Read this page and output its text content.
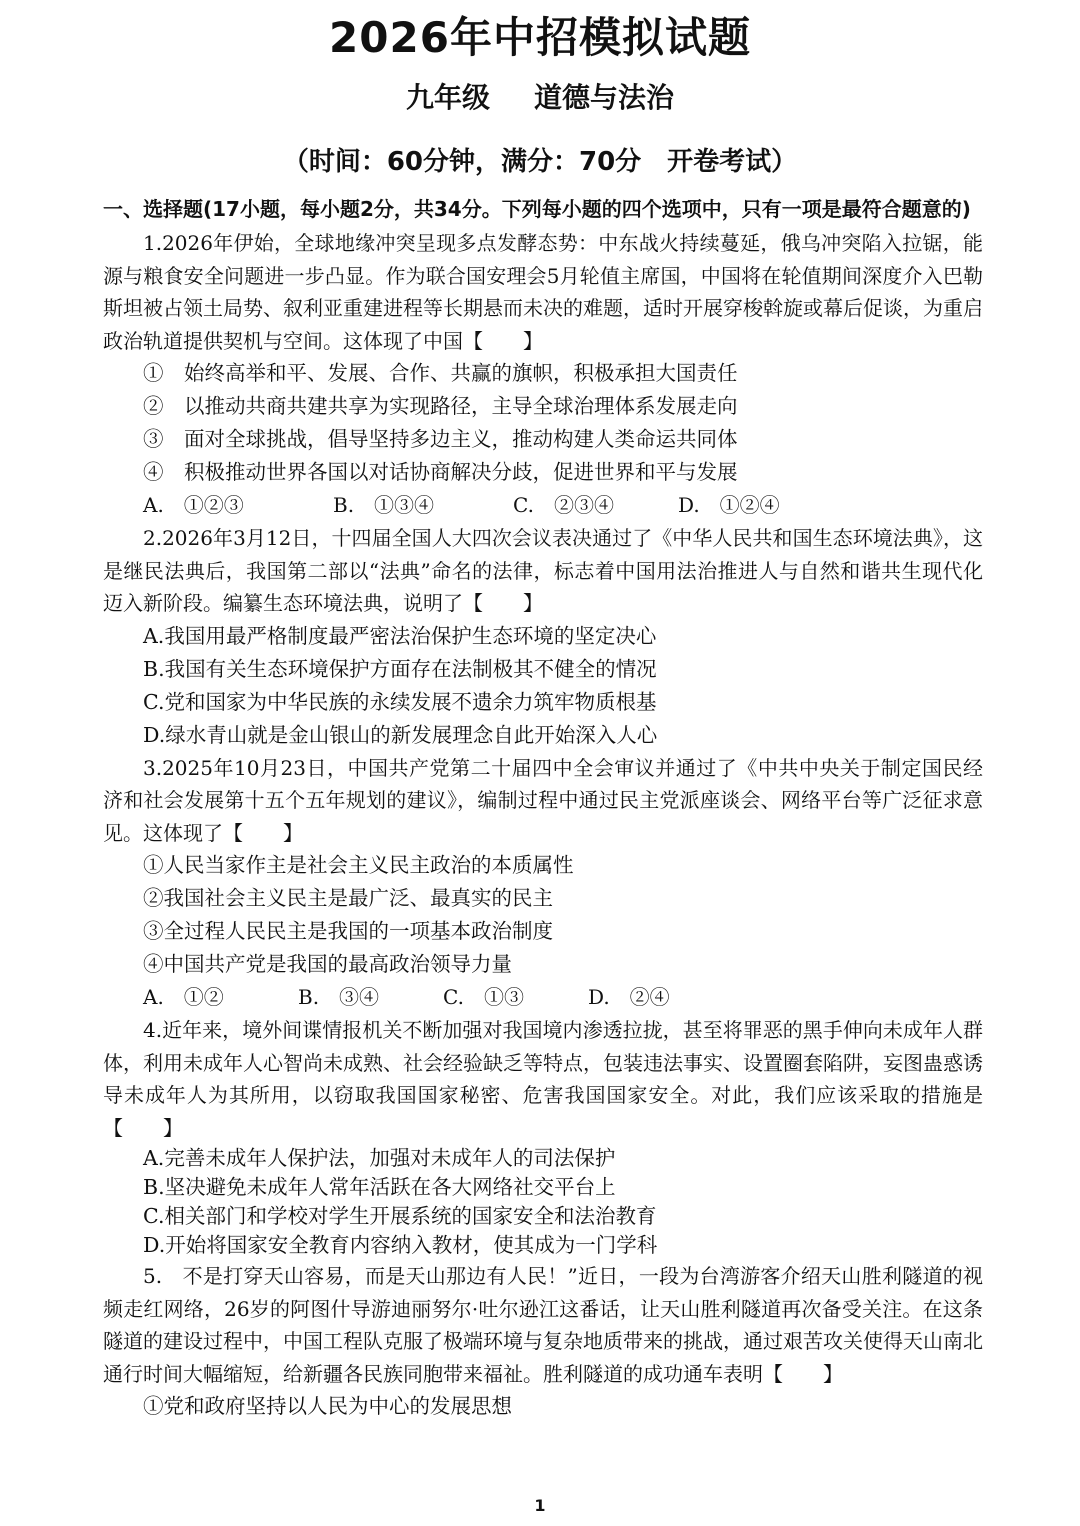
2026年中招模拟试题
九年级 道德与法治
（时间：60分钟，满分：70分　开卷考试）

一、选择题(17小题，每小题2分，共34分。下列每小题的四个选项中，只有一项是最符合题意的)

1.2026年伊始，全球地缘冲突呈现多点发酵态势：中东战火持续蔓延，俄乌冲突陷入拉锯，能源与粮食安全问题进一步凸显。作为联合国安理会5月轮值主席国，中国将在轮值期间深度介入巴勒斯坦被占领土局势、叙利亚重建进程等长期悬而未决的难题，适时开展穿梭斡旋或幕后促谈，为重启政治轨道提供契机与空间。这体现了中国【　　】

①　始终高举和平、发展、合作、共赢的旗帜，积极承担大国责任

②　以推动共商共建共享为实现路径，主导全球治理体系发展走向

③　面对全球挑战，倡导坚持多边主义，推动构建人类命运共同体

④　积极推动世界各国以对话协商解决分歧，促进世界和平与发展

A.　①②③	B.　①③④	C.　②③④	D.　①②④

2.2026年3月12日，十四届全国人大四次会议表决通过了《中华人民共和国生态环境法典》，这是继民法典后，我国第二部以“法典”命名的法律，标志着中国用法治推进人与自然和谐共生现代化迈入新阶段。编纂生态环境法典，说明了【　　】

A.我国用最严格制度最严密法治保护生态环境的坚定决心

B.我国有关生态环境保护方面存在法制极其不健全的情况

C.党和国家为中华民族的永续发展不遗余力筑牢物质根基

D.绿水青山就是金山银山的新发展理念自此开始深入人心

3.2025年10月23日，中国共产党第二十届四中全会审议并通过了《中共中央关于制定国民经济和社会发展第十五个五年规划的建议》，编制过程中通过民主党派座谈会、网络平台等广泛征求意见。这体现了【　　】

①人民当家作主是社会主义民主政治的本质属性

②我国社会主义民主是最广泛、最真实的民主

③全过程人民民主是我国的一项基本政治制度

④中国共产党是我国的最高政治领导力量

A.　①②	B.　③④	C.　①③	D.　②④

4.近年来，境外间谍情报机关不断加强对我国境内渗透拉拢，甚至将罪恶的黑手伸向未成年人群体，利用未成年人心智尚未成熟、社会经验缺乏等特点，包装违法事实、设置圈套陷阱，妄图蛊惑诱导未成年人为其所用，以窃取我国国家秘密、危害我国国家安全。对此，我们应该采取的措施是【　　】

A.完善未成年人保护法，加强对未成年人的司法保护

B.坚决避免未成年人常年活跃在各大网络社交平台上

C.相关部门和学校对学生开展系统的国家安全和法治教育

D.开始将国家安全教育内容纳入教材，使其成为一门学科

5.　不是打穿天山容易，而是天山那边有人民！”近日，一段为台湾游客介绍天山胜利隧道的视频走红网络，26岁的阿图什导游迪丽努尔·吐尔逊江这番话，让天山胜利隧道再次备受关注。在这条隧道的建设过程中，中国工程队克服了极端环境与复杂地质带来的挑战，通过艰苦攻关使得天山南北通行时间大幅缩短，给新疆各民族同胞带来福祉。胜利隧道的成功通车表明【　　】

①党和政府坚持以人民为中心的发展思想

1
